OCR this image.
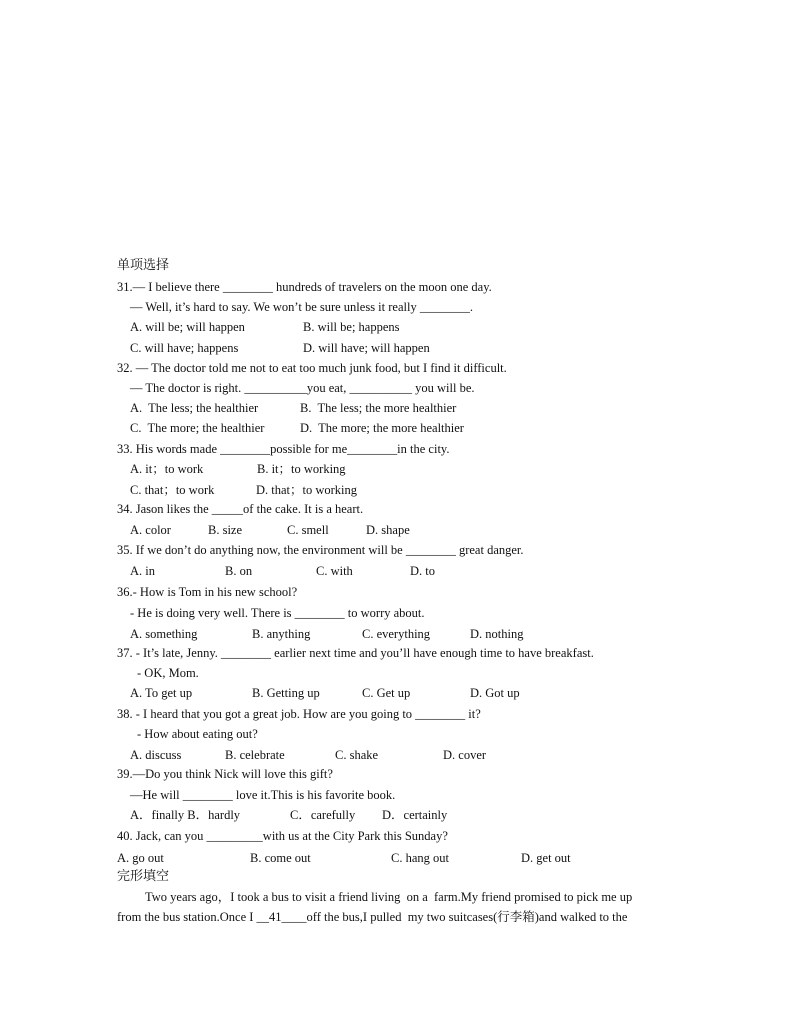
单项选择
31.— I believe there ________ hundreds of travelers on the moon one day.
— Well, it’s hard to say. We won’t be sure unless it really ________.
A. will be; will happen	B. will be; happens
C. will have; happens	D. will have; will happen
32. — The doctor told me not to eat too much junk food, but I find it difficult.
— The doctor is right. __________you eat, __________ you will be.
A.  The less; the healthier	B.  The less; the more healthier
C.  The more; the healthier	D.  The more; the more healthier
33. His words made ________possible for me________in the city.
A. it；to work	B. it；to working
C. that；to work	D. that；to working
34. Jason likes the _____of the cake. It is a heart.
A. color	B. size	C. smell	D. shape
35. If we don’t do anything now, the environment will be ________ great danger.
A. in	B. on	C. with	D. to
36.- How is Tom in his new school?
- He is doing very well. There is ________ to worry about.
A. something	B. anything	C. everything	D. nothing
37. - It’s late, Jenny. ________ earlier next time and you’ll have enough time to have breakfast.
- OK, Mom.
A. To get up	B. Getting up	C. Get up	D. Got up
38. - I heard that you got a great job. How are you going to ________ it?
- How about eating out?
A. discuss	B. celebrate	C. shake	D. cover
39.—Do you think Nick will love this gift?
—He will ________ love it.This is his favorite book.
A．finally B．hardly	C．carefully D．certainly
40. Jack, can you _________with us at the City Park this Sunday?
A. go out	B. come out	C. hang out	D. get out
完形填空
Two years ago，I took a bus to visit a friend living  on a  farm.My friend promised to pick me up
from the bus station.Once I __41____off the bus,I pulled  my two suitcases(行李箱)and walked to the
